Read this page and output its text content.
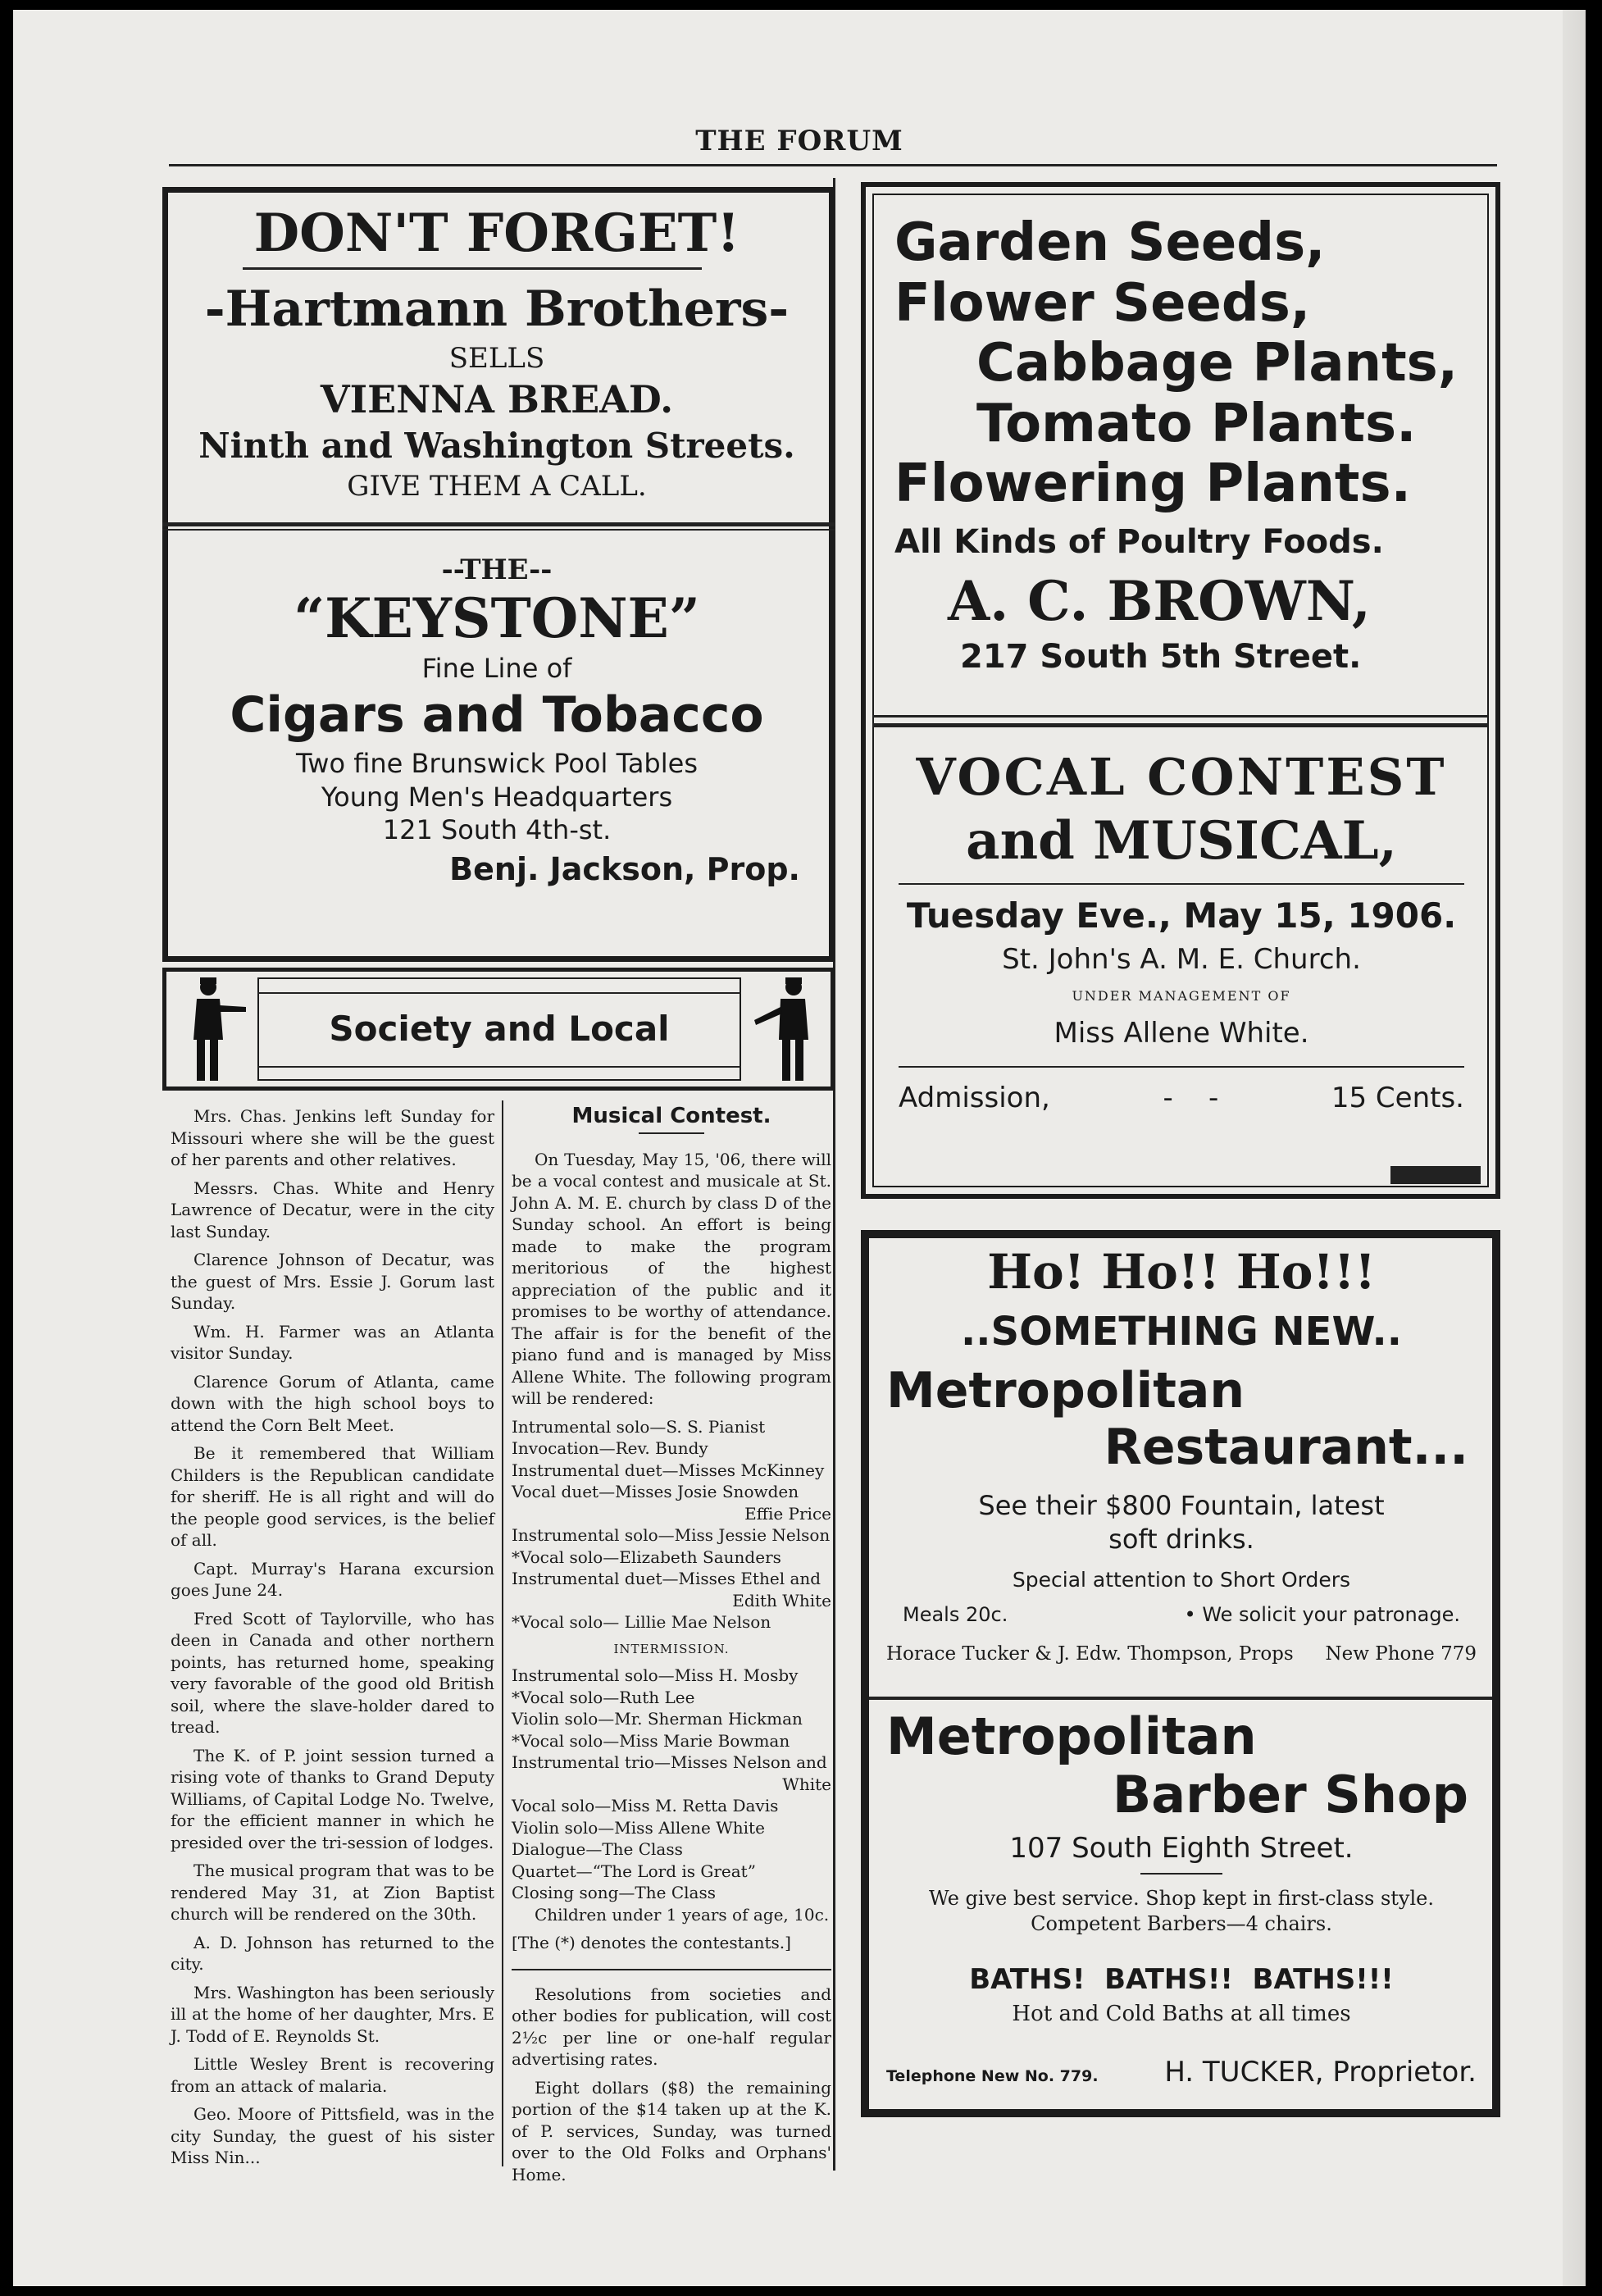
THE FORUM
DON'T FORGET!
-Hartmann Brothers-
SELLS
VIENNA BREAD.
Ninth and Washington Streets.
GIVE THEM A CALL.
--THE--
“KEYSTONE”
Fine Line of
Cigars and Tobacco
Two fine Brunswick Pool Tables
Young Men's Headquarters
121 South 4th-st.
Benj. Jackson, Prop.
Society and Local

Mrs. Chas. Jenkins left Sunday for Missouri where she will be the guest of her parents and other relatives.

Messrs. Chas. White and Henry Lawrence of Decatur, were in the city last Sunday.

Clarence Johnson of Decatur, was the guest of Mrs. Essie J. Gorum last Sunday.

Wm. H. Farmer was an Atlanta visitor Sunday.

Clarence Gorum of Atlanta, came down with the high school boys to attend the Corn Belt Meet.

Be it remembered that William Childers is the Republican candidate for sheriff. He is all right and will do the people good services, is the belief of all.

Capt. Murray's Harana excursion goes June 24.

Fred Scott of Taylorville, who has deen in Canada and other northern points, has returned home, speaking very favorable of the good old British soil, where the slave-holder dared to tread.

The K. of P. joint session turned a rising vote of thanks to Grand Deputy Williams, of Capital Lodge No. Twelve, for the efficient manner in which he presided over the tri-session of lodges.

The musical program that was to be rendered May 31, at Zion Baptist church will be rendered on the 30th.

A. D. Johnson has returned to the city.

Mrs. Washington has been seriously ill at the home of her daughter, Mrs. E J. Todd of E. Reynolds St.

Little Wesley Brent is recovering from an attack of malaria.

Geo. Moore of Pittsfield, was in the city Sunday, the guest of his sister Miss Nin...

Musical Contest.

On Tuesday, May 15, '06, there will be a vocal contest and musicale at St. John A. M. E. church by class D of the Sunday school. An effort is being made to make the program meritorious of the highest appreciation of the public and it promises to be worthy of attendance. The affair is for the benefit of the piano fund and is managed by Miss Allene White. The following program will be rendered:

Intrumental solo—S. S. Pianist
Invocation—Rev. Bundy
Instrumental duet—Misses McKinney
Vocal duet—Misses Josie Snowden
Effie Price
Instrumental solo—Miss Jessie Nelson
*Vocal solo—Elizabeth Saunders
Instrumental duet—Misses Ethel and
Edith White
*Vocal solo— Lillie Mae Nelson
INTERMISSION.
Instrumental solo—Miss H. Mosby
*Vocal solo—Ruth Lee
Violin solo—Mr. Sherman Hickman
*Vocal solo—Miss Marie Bowman
Instrumental trio—Misses Nelson and
White
Vocal solo—Miss M. Retta Davis
Violin solo—Miss Allene White
Dialogue—The Class
Quartet—“The Lord is Great”
Closing song—The Class

Children under 1 years of age, 10c.

[The (*) denotes the contestants.]

Resolutions from societies and other bodies for publication, will cost 2½c per line or one-half regular advertising rates.

Eight dollars ($8) the remaining portion of the $14 taken up at the K. of P. services, Sunday, was turned over to the Old Folks and Orphans' Home.

Garden Seeds,
Flower Seeds,
Cabbage Plants,
Tomato Plants.
Flowering Plants.
All Kinds of Poultry Foods.
A. C. BROWN,
217 South 5th Street.
VOCAL CONTEST
and MUSICAL,
Tuesday Eve., May 15, 1906.
St. John's A. M. E. Church.
UNDER MANAGEMENT OF
Miss Allene White.
Admission,	-    -	15 Cents.
Ho! Ho!! Ho!!!
..SOMETHING NEW..
Metropolitan
Restaurant...
See their $800 Fountain, latest
soft drinks.
Special attention to Short Orders
Meals 20c.	• We solicit your patronage.
Horace Tucker & J. Edw. Thompson, Props New Phone 779
Metropolitan
Barber Shop
107 South Eighth Street.
We give best service. Shop kept in first-class style.
Competent Barbers—4 chairs.
BATHS!  BATHS!!  BATHS!!!
Hot and Cold Baths at all times
Telephone New No. 779. H. TUCKER, Proprietor.
